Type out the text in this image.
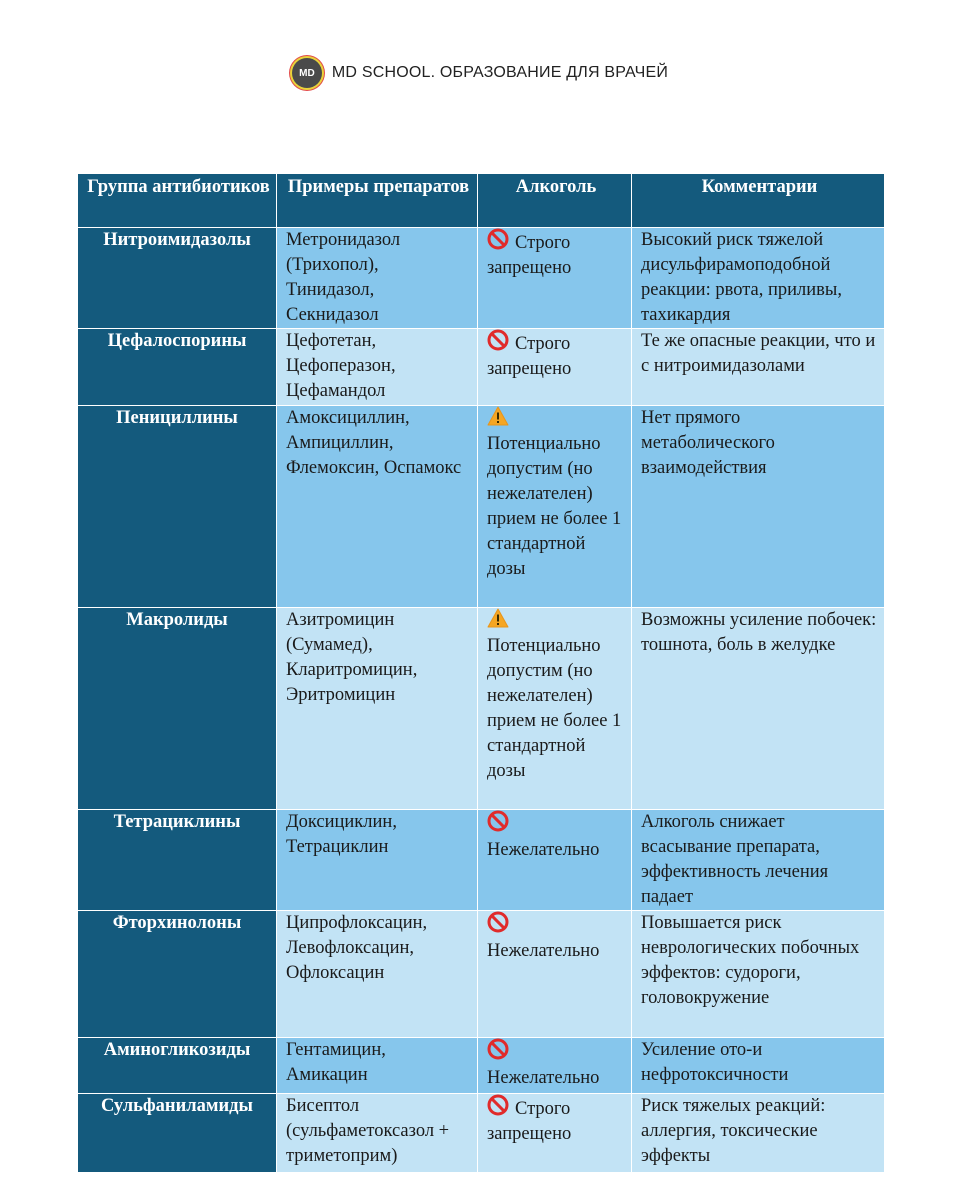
MD	MD SCHOOL. ОБРАЗОВАНИЕ ДЛЯ ВРАЧЕЙ
Группа антибиотиков	Примеры препаратов	Алкоголь	Комментарии
Нитроимидазолы	Метронидазол (Трихопол), Тинидазол, Секнидазол	Строго запрещено	Высокий риск тяжелой дисульфирамоподобной реакции: рвота, приливы, тахикардия
Цефалоспорины	Цефотетан, Цефоперазон, Цефамандол	Строго запрещено	Те же опасные реакции, что и с нитроимидазолами
Пенициллины	Амоксициллин, Ампициллин, Флемоксин, Оспамокс	Потенциально допустим (но нежелателен) прием не более 1 стандартной дозы	Нет прямого метаболического взаимодействия
Макролиды	Азитромицин (Сумамед), Кларитромицин, Эритромицин	Потенциально допустим (но нежелателен) прием не более 1 стандартной дозы	Возможны усиление побочек: тошнота, боль в желудке
Тетрациклины	Доксициклин, Тетрациклин	Нежелательно	Алкоголь снижает всасывание препарата, эффективность лечения падает
Фторхинолоны	Ципрофлоксацин, Левофлоксацин, Офлоксацин	Нежелательно	Повышается риск неврологических побочных эффектов: судороги, головокружение
Аминогликозиды	Гентамицин, Амикацин	Нежелательно	Усиление ото-и нефротоксичности
Сульфаниламиды	Бисептол (сульфаметоксазол + триметоприм)	Строго запрещено	Риск тяжелых реакций: аллергия, токсические эффекты
